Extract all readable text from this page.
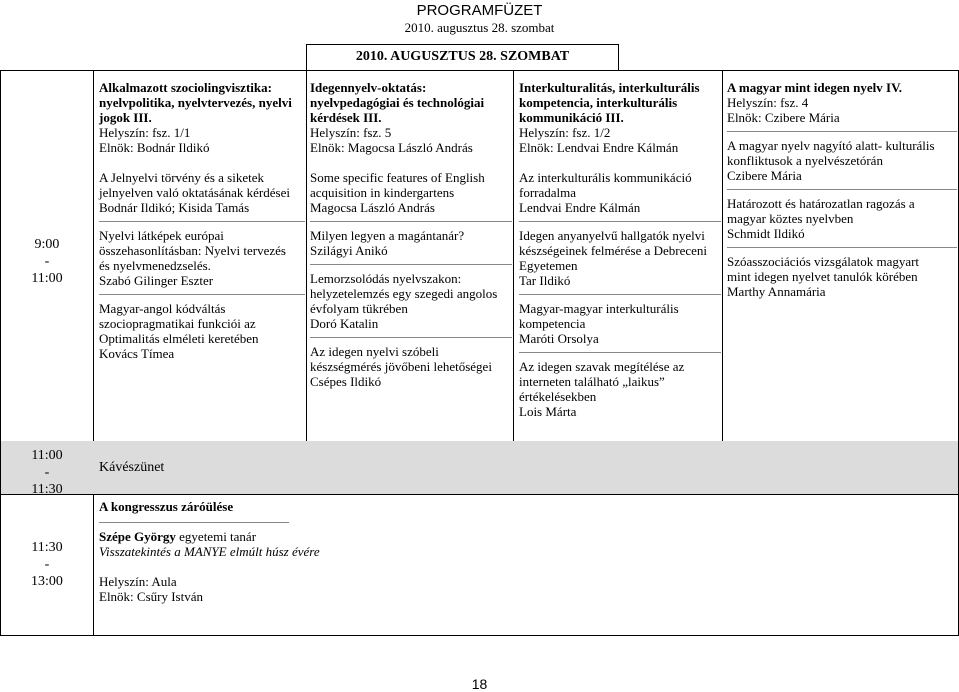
PROGRAMFÜZET
2010. augusztus 28. szombat
2010. AUGUSZTUS 28. SZOMBAT
9:00
-
11:00
11:00
-
11:30
11:30
-
13:00
Alkalmazott szociolingvisztika:
nyelvpolitika, nyelvtervezés, nyelvi
jogok III.
Helyszín: fsz. 1/1
Elnök: Bodnár Ildikó
A Jelnyelvi törvény és a siketek
jelnyelven való oktatásának kérdései
Bodnár Ildikó; Kisida Tamás
Nyelvi látképek európai
összehasonlításban: Nyelvi tervezés
és nyelvmenedzselés.
Szabó Gilinger Eszter
Magyar-angol kódváltás
szociopragmatikai funkciói az
Optimalitás elméleti keretében
Kovács Tímea
Idegennyelv-oktatás:
nyelvpedagógiai és technológiai
kérdések III.
Helyszín: fsz. 5
Elnök: Magocsa László András
Some specific features of English
acquisition in kindergartens
Magocsa László András
Milyen legyen a magántanár?
Szilágyi Anikó
Lemorzsolódás nyelvszakon:
helyzetelemzés egy szegedi angolos
évfolyam tükrében
Doró Katalin
Az idegen nyelvi szóbeli
készségmérés jövőbeni lehetőségei
Csépes Ildikó
Interkulturalitás, interkulturális
kompetencia, interkulturális
kommunikáció III.
Helyszín: fsz. 1/2
Elnök: Lendvai Endre Kálmán
Az interkulturális kommunikáció
forradalma
Lendvai Endre Kálmán
Idegen anyanyelvű hallgatók nyelvi
készségeinek felmérése a Debreceni
Egyetemen
Tar Ildikó
Magyar-magyar interkulturális
kompetencia
Maróti Orsolya
Az idegen szavak megítélése az
interneten található „laikus”
értékelésekben
Lois Márta
A magyar mint idegen nyelv IV.
Helyszín: fsz. 4
Elnök: Czibere Mária
A magyar nyelv nagyító alatt- kulturális
konfliktusok a nyelvészetórán
Czibere Mária
Határozott és határozatlan ragozás a
magyar köztes nyelvben
Schmidt Ildikó
Szóasszociációs vizsgálatok magyart
mint idegen nyelvet tanulók körében
Marthy Annamária
Kávészünet
A kongresszus záróülése
Szépe György egyetemi tanár
Visszatekintés a MANYE elmúlt húsz évére
Helyszín: Aula
Elnök: Csűry István
18
